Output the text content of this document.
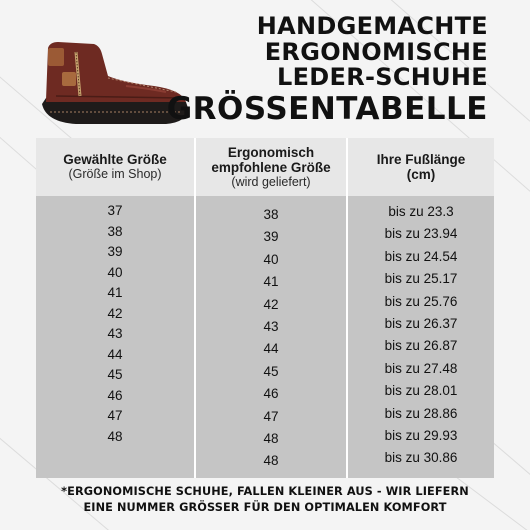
HANDGEMACHTE
ERGONOMISCHE
LEDER-SCHUHE
GRÖSSENTABELLE
Gewählte Größe
(Größe im Shop)
Ergonomisch empfohlene Größe
(wird geliefert)
Ihre Fußlänge (cm)
37
38
39
40
41
42
43
44
45
46
47
48
38
39
40
41
42
43
44
45
46
47
48
48
bis zu 23.3
bis zu 23.94
bis zu 24.54
bis zu 25.17
bis zu 25.76
bis zu 26.37
bis zu 26.87
bis zu 27.48
bis zu 28.01
bis zu 28.86
bis zu 29.93
bis zu 30.86
*ERGONOMISCHE SCHUHE, FALLEN KLEINER AUS - WIR LIEFERN
EINE NUMMER GRÖSSER FÜR DEN OPTIMALEN KOMFORT
